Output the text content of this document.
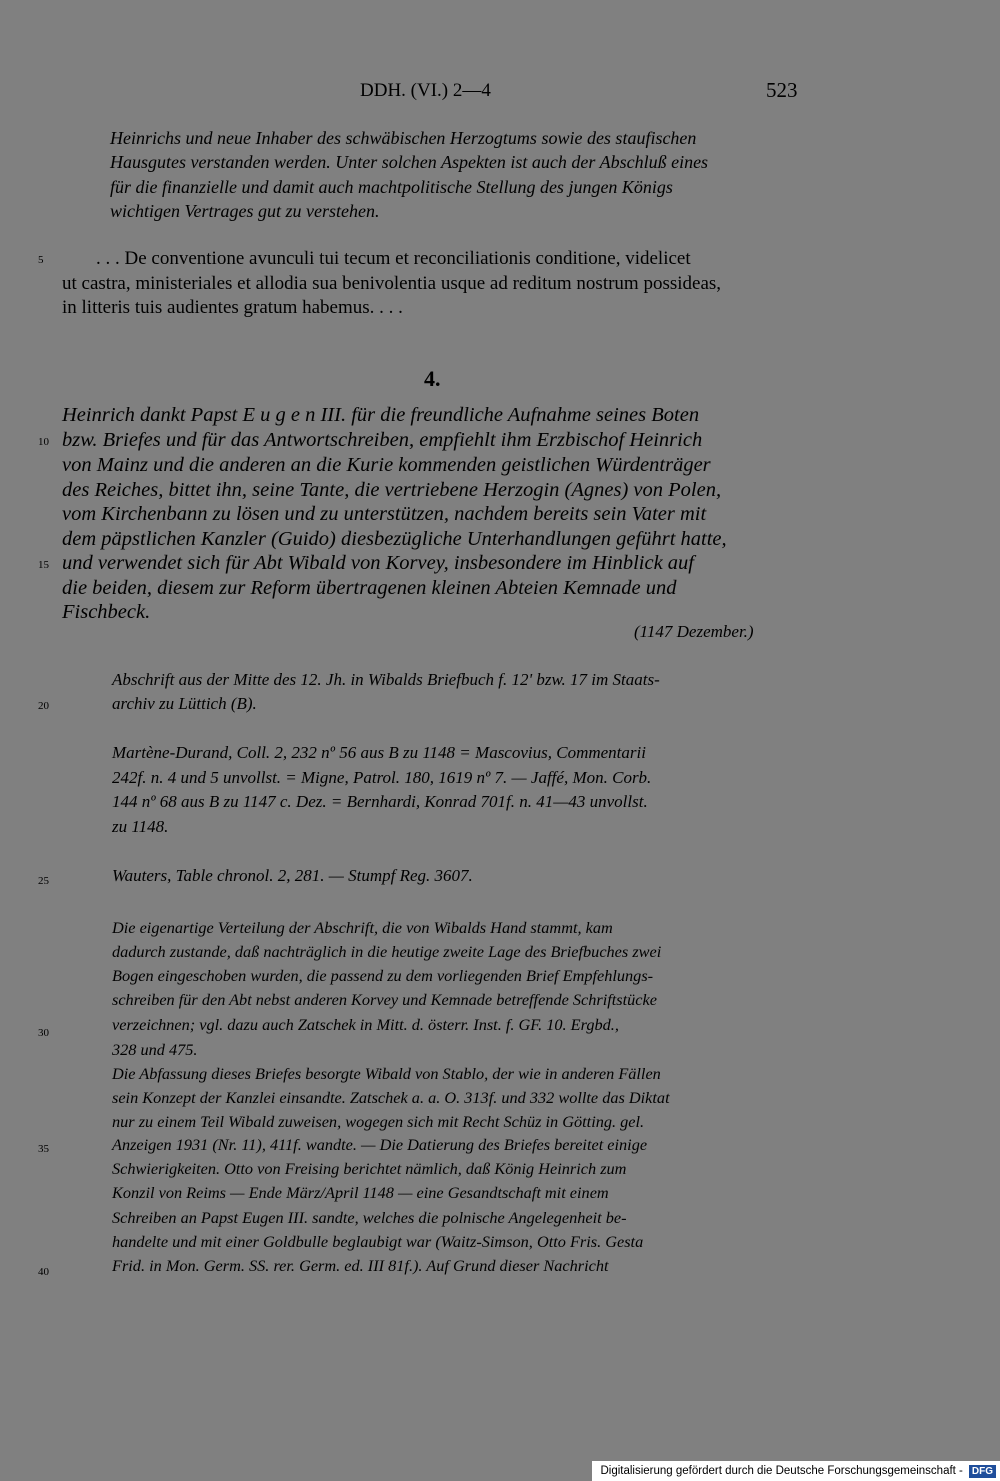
DDH. (VI.) 2—4	523
Heinrichs und neue Inhaber des schwäbischen Herzogtums sowie des staufischen
Hausgutes verstanden werden. Unter solchen Aspekten ist auch der Abschluß eines
für die finanzielle und damit auch machtpolitische Stellung des jungen Königs
wichtigen Vertrages gut zu verstehen.
5	. . . De conventione avunculi tui tecum et reconciliationis conditione, videlicet
ut castra, ministeriales et allodia sua benivolentia usque ad reditum nostrum possideas,
in litteris tuis audientes gratum habemus. . . .
4.
Heinrich dankt Papst E u g e n III. für die freundliche Aufnahme seines Boten
10 bzw. Briefes und für das Antwortschreiben, empfiehlt ihm Erzbischof Heinrich
von Mainz und die anderen an die Kurie kommenden geistlichen Würdenträger
des Reiches, bittet ihn, seine Tante, die vertriebene Herzogin (Agnes) von Polen,
vom Kirchenbann zu lösen und zu unterstützen, nachdem bereits sein Vater mit
dem päpstlichen Kanzler (Guido) diesbezügliche Unterhandlungen geführt hatte,
15 und verwendet sich für Abt Wibald von Korvey, insbesondere im Hinblick auf
die beiden, diesem zur Reform übertragenen kleinen Abteien Kemnade und
Fischbeck.
(1147 Dezember.)
Abschrift aus der Mitte des 12. Jh. in Wibalds Briefbuch f. 12' bzw. 17 im Staats-
20	archiv zu Lüttich (B).
Martène-Durand, Coll. 2, 232 nº 56 aus B zu 1148 = Mascovius, Commentarii
242f. n. 4 und 5 unvollst. = Migne, Patrol. 180, 1619 nº 7. — Jaffé, Mon. Corb.
144 nº 68 aus B zu 1147 c. Dez. = Bernhardi, Konrad 701f. n. 41—43 unvollst.
zu 1148.
25	Wauters, Table chronol. 2, 281. — Stumpf Reg. 3607.
Die eigenartige Verteilung der Abschrift, die von Wibalds Hand stammt, kam
dadurch zustande, daß nachträglich in die heutige zweite Lage des Briefbuches zwei
Bogen eingeschoben wurden, die passend zu dem vorliegenden Brief Empfehlungs-
schreiben für den Abt nebst anderen Korvey und Kemnade betreffende Schriftstücke
30	verzeichnen; vgl. dazu auch Zatschek in Mitt. d. österr. Inst. f. GF. 10. Ergbd.,
328 und 475.
Die Abfassung dieses Briefes besorgte Wibald von Stablo, der wie in anderen Fällen
sein Konzept der Kanzlei einsandte. Zatschek a. a. O. 313f. und 332 wollte das Diktat
nur zu einem Teil Wibald zuweisen, wogegen sich mit Recht Schüz in Götting. gel.
35	Anzeigen 1931 (Nr. 11), 411f. wandte. — Die Datierung des Briefes bereitet einige
Schwierigkeiten. Otto von Freising berichtet nämlich, daß König Heinrich zum
Konzil von Reims — Ende März/April 1148 — eine Gesandtschaft mit einem
Schreiben an Papst Eugen III. sandte, welches die polnische Angelegenheit be-
handelte und mit einer Goldbulle beglaubigt war (Waitz-Simson, Otto Fris. Gesta
40	Frid. in Mon. Germ. SS. rer. Germ. ed. III 81f.). Auf Grund dieser Nachricht
Digitalisierung gefördert durch die Deutsche Forschungsgemeinschaft - DFG
